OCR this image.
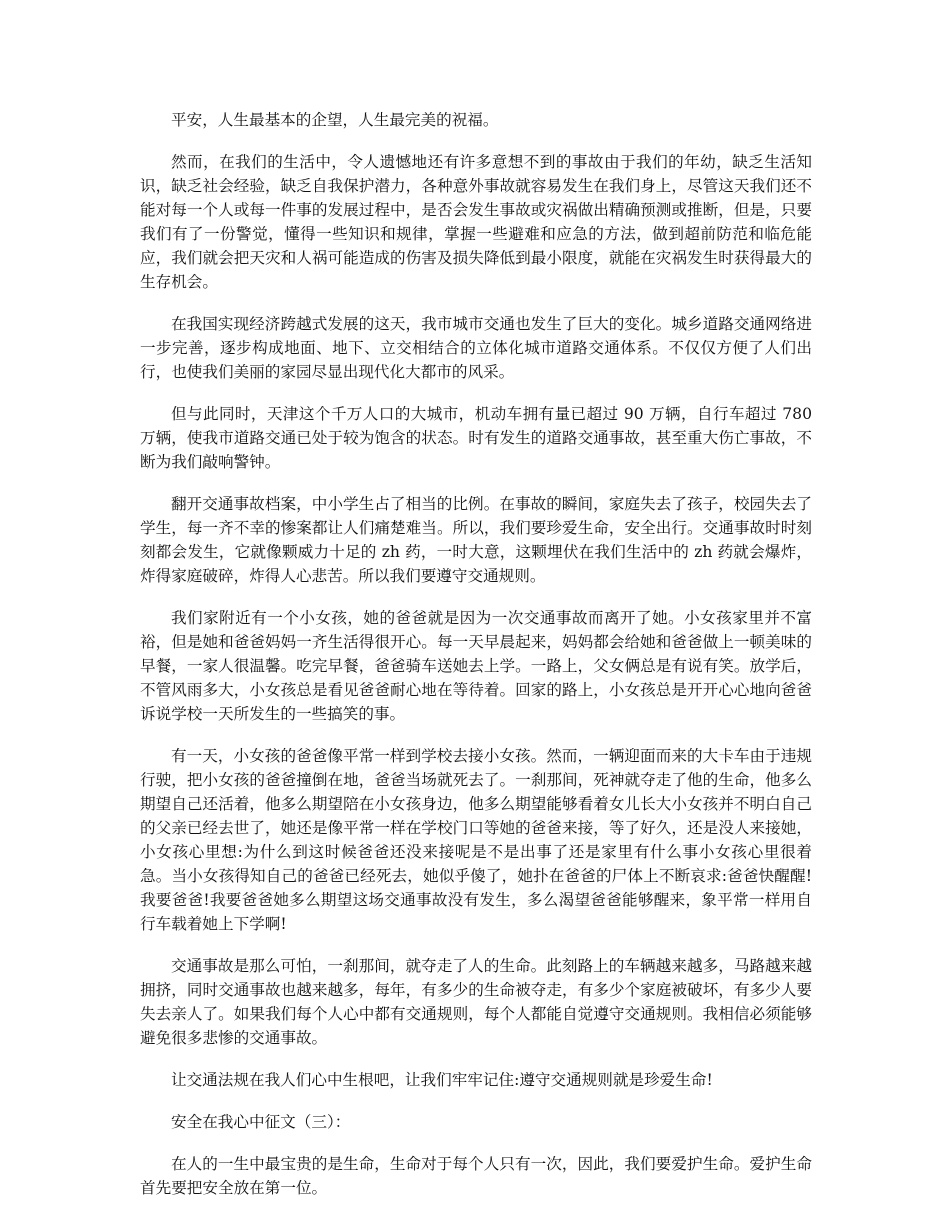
平安，人生最基本的企望，人生最完美的祝福。

然而，在我们的生活中，令人遗憾地还有许多意想不到的事故由于我们的年幼，缺乏生活知识，缺乏社会经验，缺乏自我保护潜力，各种意外事故就容易发生在我们身上，尽管这天我们还不能对每一个人或每一件事的发展过程中，是否会发生事故或灾祸做出精确预测或推断，但是，只要我们有了一份警觉，懂得一些知识和规律，掌握一些避难和应急的方法，做到超前防范和临危能应，我们就会把天灾和人祸可能造成的伤害及损失降低到最小限度，就能在灾祸发生时获得最大的生存机会。

在我国实现经济跨越式发展的这天，我市城市交通也发生了巨大的变化。城乡道路交通网络进一步完善，逐步构成地面、地下、立交相结合的立体化城市道路交通体系。不仅仅方便了人们出行，也使我们美丽的家园尽显出现代化大都市的风采。

但与此同时，天津这个千万人口的大城市，机动车拥有量已超过 90 万辆，自行车超过 780 万辆，使我市道路交通已处于较为饱含的状态。时有发生的道路交通事故，甚至重大伤亡事故，不断为我们敲响警钟。

翻开交通事故档案，中小学生占了相当的比例。在事故的瞬间，家庭失去了孩子，校园失去了学生，每一齐不幸的惨案都让人们痛楚难当。所以，我们要珍爱生命，安全出行。交通事故时时刻刻都会发生，它就像颗威力十足的 zh 药，一时大意，这颗埋伏在我们生活中的 zh 药就会爆炸，炸得家庭破碎，炸得人心悲苦。所以我们要遵守交通规则。

我们家附近有一个小女孩，她的爸爸就是因为一次交通事故而离开了她。小女孩家里并不富裕，但是她和爸爸妈妈一齐生活得很开心。每一天早晨起来，妈妈都会给她和爸爸做上一顿美味的早餐，一家人很温馨。吃完早餐，爸爸骑车送她去上学。一路上，父女俩总是有说有笑。放学后，不管风雨多大，小女孩总是看见爸爸耐心地在等待着。回家的路上，小女孩总是开开心心地向爸爸诉说学校一天所发生的一些搞笑的事。

有一天，小女孩的爸爸像平常一样到学校去接小女孩。然而，一辆迎面而来的大卡车由于违规行驶，把小女孩的爸爸撞倒在地，爸爸当场就死去了。一刹那间，死神就夺走了他的生命，他多么期望自己还活着，他多么期望陪在小女孩身边，他多么期望能够看着女儿长大小女孩并不明白自己的父亲已经去世了，她还是像平常一样在学校门口等她的爸爸来接，等了好久，还是没人来接她，小女孩心里想:为什么到这时候爸爸还没来接呢是不是出事了还是家里有什么事小女孩心里很着急。当小女孩得知自己的爸爸已经死去，她似乎傻了，她扑在爸爸的尸体上不断哀求:爸爸快醒醒!我要爸爸!我要爸爸她多么期望这场交通事故没有发生，多么渴望爸爸能够醒来，象平常一样用自行车载着她上下学啊!

交通事故是那么可怕，一刹那间，就夺走了人的生命。此刻路上的车辆越来越多，马路越来越拥挤，同时交通事故也越来越多，每年，有多少的生命被夺走，有多少个家庭被破坏，有多少人要失去亲人了。如果我们每个人心中都有交通规则，每个人都能自觉遵守交通规则。我相信必须能够避免很多悲惨的交通事故。

让交通法规在我人们心中生根吧，让我们牢牢记住:遵守交通规则就是珍爱生命!

安全在我心中征文（三）：

在人的一生中最宝贵的是生命，生命对于每个人只有一次，因此，我们要爱护生命。爱护生命首先要把安全放在第一位。
